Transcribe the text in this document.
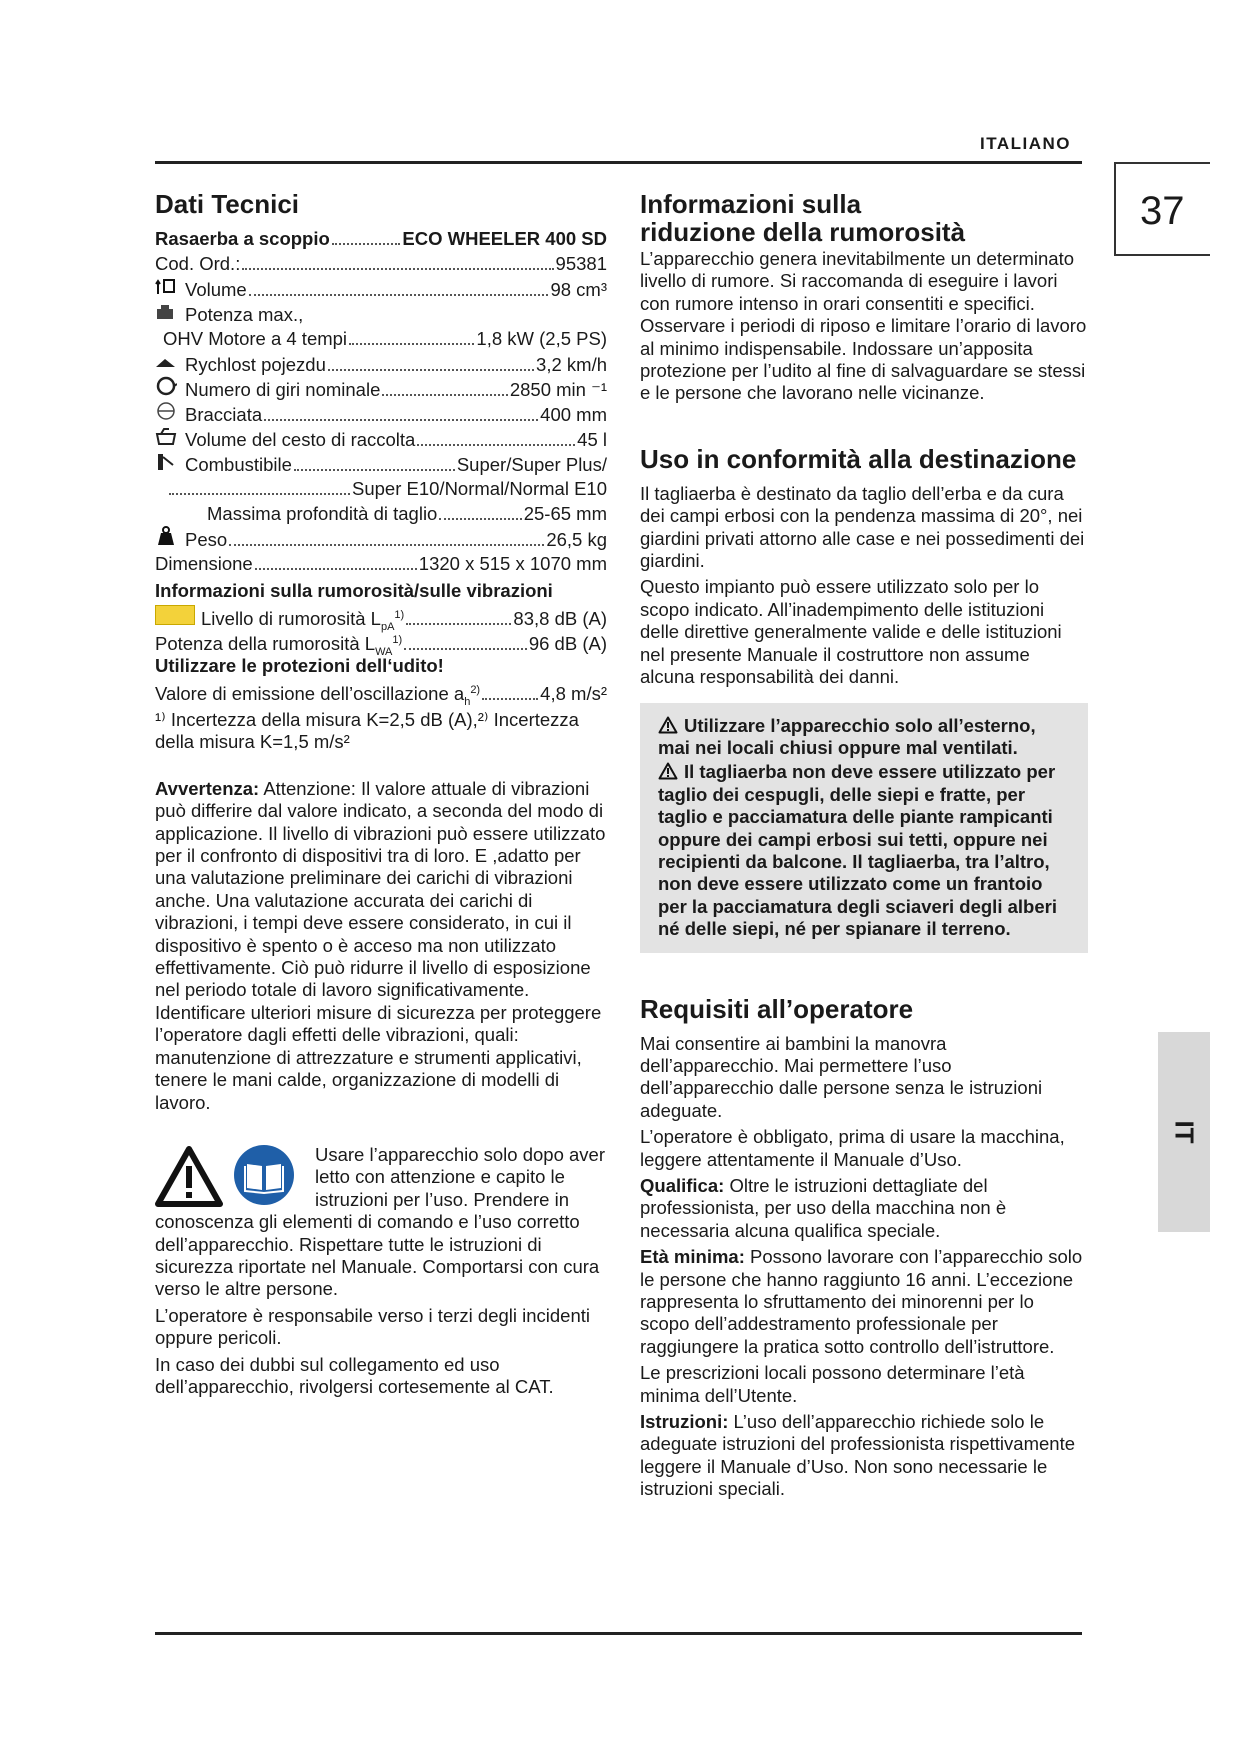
ITALIANO
37
IT
Dati Tecnici
Rasaerba a scoppio	ECO WHEELER 400 SD
Cod. Ord.:	95381
Volume	98 cm³
Potenza max.,
OHV Motore a 4 tempi	1,8 kW (2,5 PS)
Rychlost pojezdu	3,2 km/h
Numero di giri nominale	2850 min ⁻¹
Bracciata	400 mm
Volume del cesto di raccolta	45 l
Combustibile	Super/Super Plus/
Super E10/Normal/Normal E10
Massima profondità di taglio	25-65 mm
Peso	26,5 kg
Dimensione	1320 x 515 x 1070 mm
Informazioni sulla rumorosità/sulle vibrazioni
Livello di rumorosità $L_{pA}^{1)}$	83,8 dB (A)
Potenza della rumorosità $L_{WA}^{1)}$	96 dB (A)
Utilizzare le protezioni dell‘udito!
Valore di emissione dell’oscillazione $a_h^{2)}$	4,8 m/s²

¹⁾ Incertezza della misura K=2,5 dB (A),²⁾ Incertezza della misura K=1,5 m/s²

Avvertenza: Attenzione: Il valore attuale di vibrazioni può differire dal valore indicato, a seconda del modo di applicazione. Il livello di vibrazioni può essere utilizzato per il confronto di dispositivi tra di loro. E ,adatto per una valutazione preliminare dei carichi di vibrazioni anche. Una valutazione accurata dei carichi di vibrazioni, i tempi deve essere considerato, in cui il dispositivo è spento o è acceso ma non utilizzato effettivamente. Ciò può ridurre il livello di esposizione nel periodo totale di lavoro significativamente. Identificare ulteriori misure di sicurezza per proteggere l’operatore dagli effetti delle vibrazioni, quali: manutenzione di attrezzature e strumenti applicativi, tenere le mani calde, organizzazione di modelli di lavoro.

Usare l’apparecchio solo dopo aver letto con attenzione e capito le istruzioni per l’uso. Prendere in conoscenza gli elementi di comando e l’uso corretto dell’apparecchio. Rispettare tutte le istruzioni di sicurezza riportate nel Manuale. Comportarsi con cura verso le altre persone.

L’operatore è responsabile verso i terzi degli incidenti oppure pericoli.

In caso dei dubbi sul collegamento ed uso dell’apparecchio, rivolgersi cortesemente al CAT.

Informazioni sulla
riduzione della rumorosità

L’apparecchio genera inevitabilmente un determinato livello di rumore. Si raccomanda di eseguire i lavori con rumore intenso in orari consentiti e specifici. Osservare i periodi di riposo e limitare l’orario di lavoro al minimo indispensabile. Indossare un’apposita protezione per l’udito al fine di salvaguardare se stessi e le persone che lavorano nelle vicinanze.

Uso in conformità alla destinazione

Il tagliaerba è destinato da taglio dell’erba e da cura dei campi erbosi con la pendenza massima di 20°, nei giardini privati attorno alle case e nei possedimenti dei giardini.

Questo impianto può essere utilizzato solo per lo scopo indicato. All’inadempimento delle istituzioni delle direttive generalmente valide e delle istituzioni nel presente Manuale il costruttore non assume alcuna responsabilità dei danni.

Utilizzare l’apparecchio solo all’esterno, mai nei locali chiusi oppure mal ventilati.

Il tagliaerba non deve essere utilizzato per taglio dei cespugli, delle siepi e fratte, per taglio e pacciamatura delle piante rampicanti oppure dei campi erbosi sui tetti, oppure nei recipienti da balcone. Il tagliaerba, tra l’altro, non deve essere utilizzato come un frantoio per la pacciamatura degli sciaveri degli alberi né delle siepi, né per spianare il terreno.

Requisiti all’operatore

Mai consentire ai bambini la manovra dell’apparecchio. Mai permettere l’uso dell’apparecchio dalle persone senza le istruzioni adeguate.

L’operatore è obbligato, prima di usare la macchina, leggere attentamente il Manuale d’Uso.

Qualifica: Oltre le istruzioni dettagliate del professionista, per uso della macchina non è necessaria alcuna qualifica speciale.

Età minima: Possono lavorare con l’apparecchio solo le persone che hanno raggiunto 16 anni. L’eccezione rappresenta lo sfruttamento dei minorenni per lo scopo dell’addestramento professionale per raggiungere la pratica sotto controllo dell’istruttore.

Le prescrizioni locali possono determinare l’età minima dell’Utente.

Istruzioni: L’uso dell’apparecchio richiede solo le adeguate istruzioni del professionista rispettivamente leggere il Manuale d’Uso. Non sono necessarie le istruzioni speciali.
